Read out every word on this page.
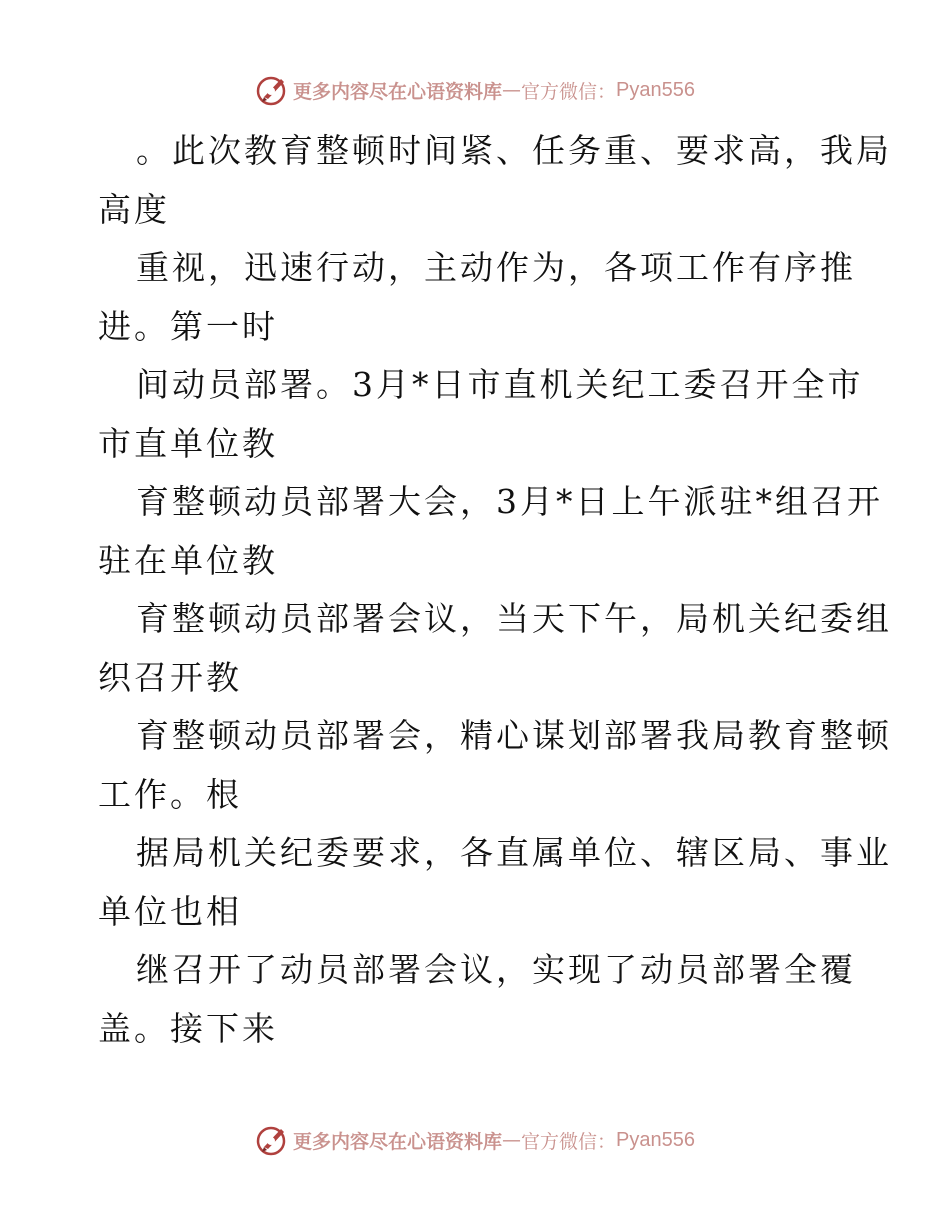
更多内容尽在心语资料库 — 官方微信： Pyan556
。此次教育整顿时间紧、任务重、要求高，我局
高度
重视，迅速行动，主动作为，各项工作有序推
进。第一时
间动员部署。3月*日市直机关纪工委召开全市
市直单位教
育整顿动员部署大会，3月*日上午派驻*组召开
驻在单位教
育整顿动员部署会议，当天下午，局机关纪委组
织召开教
育整顿动员部署会，精心谋划部署我局教育整顿
工作。根
据局机关纪委要求，各直属单位、辖区局、事业
单位也相
继召开了动员部署会议，实现了动员部署全覆
盖。接下来
更多内容尽在心语资料库 — 官方微信： Pyan556
